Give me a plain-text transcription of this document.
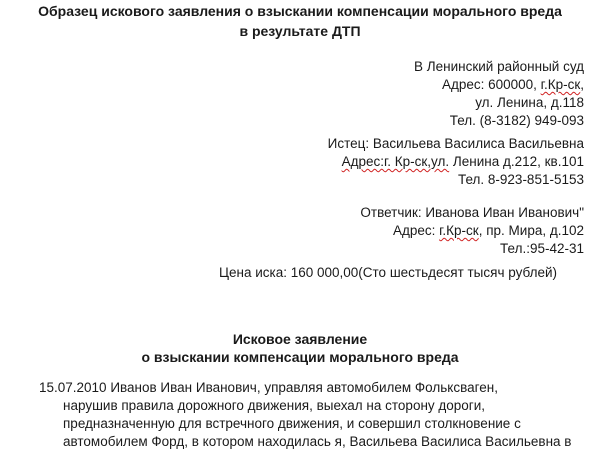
Образец искового заявления о взыскании компенсации морального вреда

в результате ДТП

В Ленинский районный суд
Адрес: 600000, г.Кр-ск,
ул. Ленина, д.118
Тел. (8-3182) 949-093
Истец: Васильева Василиса Васильевна
Адрес:г. Кр-ск,ул. Ленина д.212, кв.101
Тел. 8-923-851-5153
Ответчик: Иванова Иван Иванович"
Адрес: г.Кр-ск, пр. Мира, д.102
Тел.:95-42-31
Цена иска: 160 000,00(Сто шестьдесят тысяч рублей)
Исковое заявление
о взыскании компенсации морального вреда
15.07.2010 Иванов Иван Иванович, управляя автомобилем Фольксваген,
нарушив правила дорожного движения, выехал на сторону дороги,
предназначенную для встречного движения, и совершил столкновение с
автомобилем Форд, в котором находилась я, Васильева Василиса Васильевна в
